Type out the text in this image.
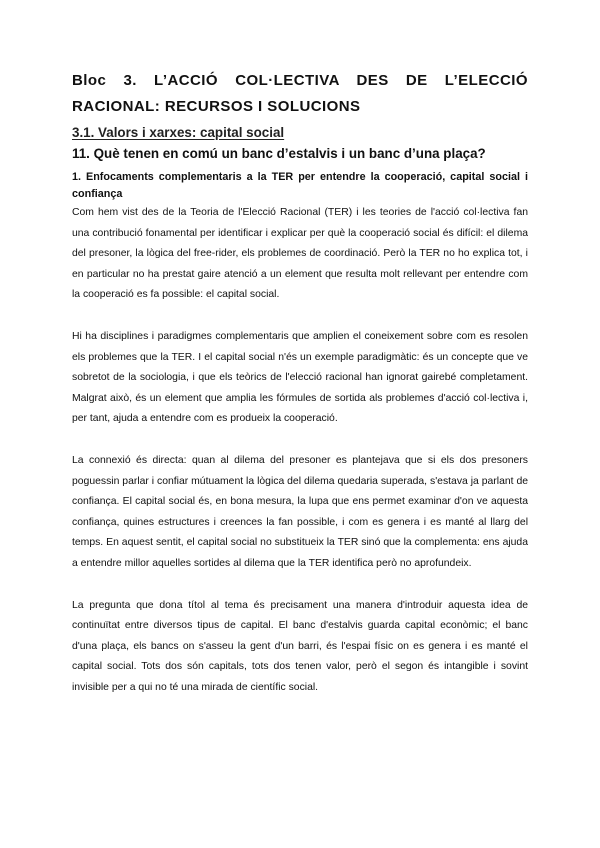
Bloc 3. L’ACCIÓ COL·LECTIVA DES DE L’ELECCIÓ RACIONAL: RECURSOS I SOLUCIONS
3.1. Valors i xarxes: capital social
11. Què tenen en comú un banc d’estalvis i un banc d’una plaça?
1. Enfocaments complementaris a la TER per entendre la cooperació, capital social i confiança

Com hem vist des de la Teoria de l'Elecció Racional (TER) i les teories de l'acció col·lectiva fan una contribució fonamental per identificar i explicar per què la cooperació social és difícil: el dilema del presoner, la lògica del free-rider, els problemes de coordinació. Però la TER no ho explica tot, i en particular no ha prestat gaire atenció a un element que resulta molt rellevant per entendre com la cooperació es fa possible: el capital social.

Hi ha disciplines i paradigmes complementaris que amplien el coneixement sobre com es resolen els problemes que la TER. I el capital social n'és un exemple paradigmàtic: és un concepte que ve sobretot de la sociologia, i que els teòrics de l'elecció racional han ignorat gairebé completament. Malgrat això, és un element que amplia les fórmules de sortida als problemes d'acció col·lectiva i, per tant, ajuda a entendre com es produeix la cooperació.

La connexió és directa: quan al dilema del presoner es plantejava que si els dos presoners poguessin parlar i confiar mútuament la lògica del dilema quedaria superada, s'estava ja parlant de confiança. El capital social és, en bona mesura, la lupa que ens permet examinar d'on ve aquesta confiança, quines estructures i creences la fan possible, i com es genera i es manté al llarg del temps. En aquest sentit, el capital social no substitueix la TER sinó que la complementa: ens ajuda a entendre millor aquelles sortides al dilema que la TER identifica però no aprofundeix.

La pregunta que dona títol al tema és precisament una manera d'introduir aquesta idea de continuïtat entre diversos tipus de capital. El banc d'estalvis guarda capital econòmic; el banc d'una plaça, els bancs on s'asseu la gent d'un barri, és l'espai físic on es genera i es manté el capital social. Tots dos són capitals, tots dos tenen valor, però el segon és intangible i sovint invisible per a qui no té una mirada de científic social.
